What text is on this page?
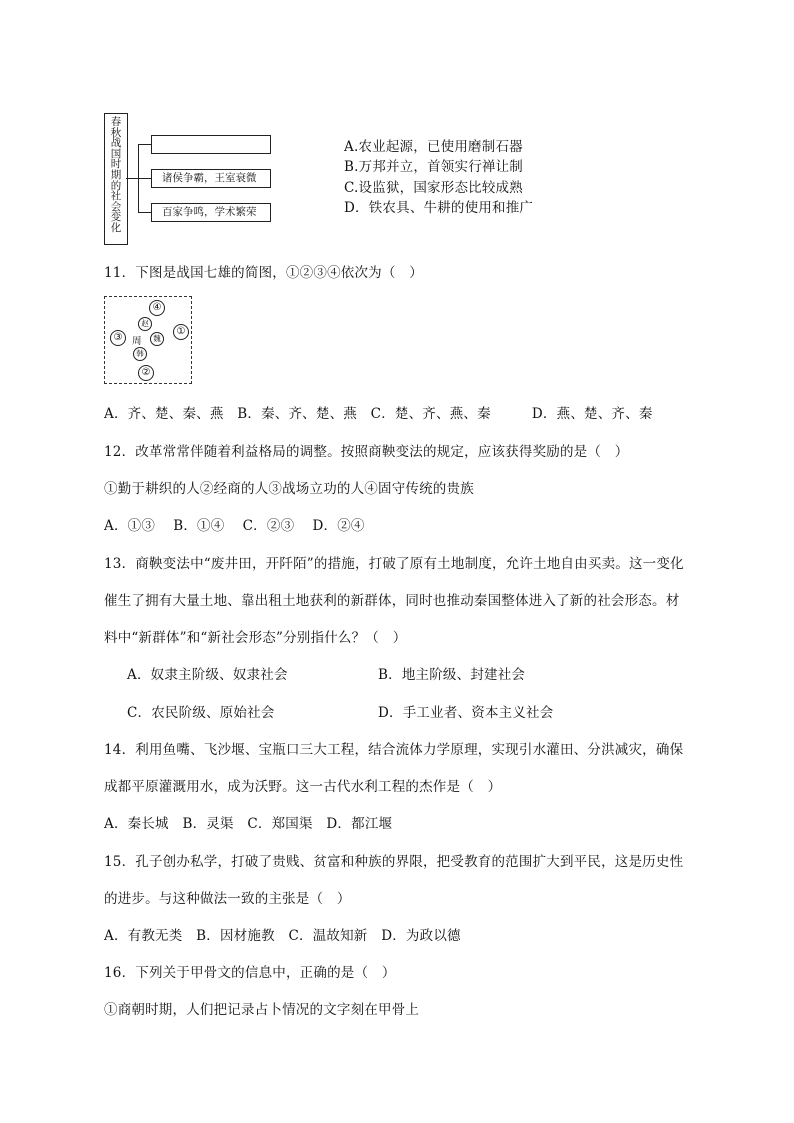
春秋战国时期的社会变化
诸侯争霸，王室衰微
百家争鸣，学术繁荣
A.农业起源，已使用磨制石器
B.万邦并立，首领实行禅让制
C.设监狱，国家形态比较成熟
D．铁农具、牛耕的使用和推广
11．下图是战国七雄的简图，①②③④依次为（　）
④
赵
③	周	魏
①
韩
②
A．齐、楚、秦、燕　B．秦、齐、楚、燕　C．楚、齐、燕、秦　　　D．燕、楚、齐、秦
12．改革常常伴随着利益格局的调整。按照商鞅变法的规定，应该获得奖励的是（　）
①勤于耕织的人②经商的人③战场立功的人④固守传统的贵族
A．①③　 B．①④　 C．②③　 D．②④
13．商鞅变法中“废井田，开阡陌”的措施，打破了原有土地制度，允许土地自由买卖。这一变化
催生了拥有大量土地、靠出租土地获利的新群体，同时也推动秦国整体进入了新的社会形态。材
料中“新群体”和“新社会形态”分别指什么？（　）
A．奴隶主阶级、奴隶社会	B．地主阶级、封建社会
C．农民阶级、原始社会	D．手工业者、资本主义社会
14．利用鱼嘴、飞沙堰、宝瓶口三大工程，结合流体力学原理，实现引水灌田、分洪减灾，确保
成都平原灌溉用水，成为沃野。这一古代水利工程的杰作是（　）
A．秦长城　B．灵渠　C．郑国渠　D．都江堰
15．孔子创办私学，打破了贵贱、贫富和种族的界限，把受教育的范围扩大到平民，这是历史性
的进步。与这种做法一致的主张是（　）
A．有教无类　B．因材施教　C．温故知新　D．为政以德
16．下列关于甲骨文的信息中，正确的是（　）
①商朝时期，人们把记录占卜情况的文字刻在甲骨上
